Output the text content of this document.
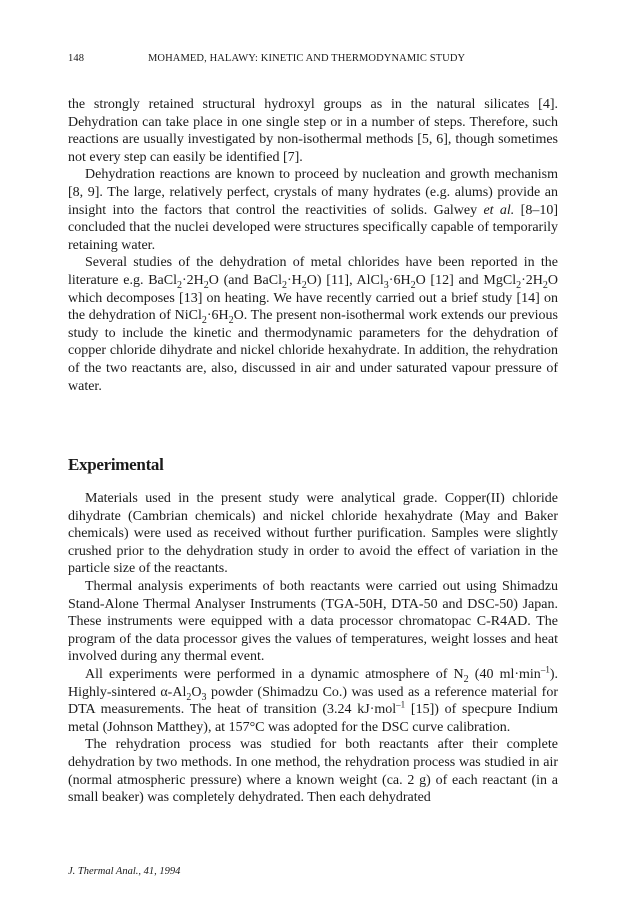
148	MOHAMED, HALAWY: KINETIC AND THERMODYNAMIC STUDY

the strongly retained structural hydroxyl groups as in the natural silicates [4]. Dehydration can take place in one single step or in a number of steps. Therefore, such reactions are usually investigated by non-isothermal methods [5, 6], though sometimes not every step can easily be identified [7].

Dehydration reactions are known to proceed by nucleation and growth mechanism [8, 9]. The large, relatively perfect, crystals of many hydrates (e.g. alums) provide an insight into the factors that control the reactivities of solids. Galwey et al. [8–10] concluded that the nuclei developed were structures specifically capable of temporarily retaining water.

Several studies of the dehydration of metal chlorides have been reported in the literature e.g. $BaCl_2\cdot 2H_2O$ (and $BaCl_2\cdot H_2O$) [11], $AlCl_3\cdot 6H_2O$ [12] and $MgCl_2\cdot 2H_2O$ which decomposes [13] on heating. We have recently carried out a brief study [14] on the dehydration of $NiCl_2\cdot 6H_2O$. The present non-isothermal work extends our previous study to include the kinetic and thermodynamic parameters for the dehydration of copper chloride dihydrate and nickel chloride hexahydrate. In addition, the rehydration of the two reactants are, also, discussed in air and under saturated vapour pressure of water.

Experimental

Materials used in the present study were analytical grade. Copper(II) chloride dihydrate (Cambrian chemicals) and nickel chloride hexahydrate (May and Baker chemicals) were used as received without further purification. Samples were slightly crushed prior to the dehydration study in order to avoid the effect of variation in the particle size of the reactants.

Thermal analysis experiments of both reactants were carried out using Shimadzu Stand-Alone Thermal Analyser Instruments (TGA-50H, DTA-50 and DSC-50) Japan. These instruments were equipped with a data processor chromatopac C-R4AD. The program of the data processor gives the values of temperatures, weight losses and heat involved during any thermal event.

All experiments were performed in a dynamic atmosphere of $N_2$ (40 $ml\cdot\min^{-1}$). Highly-sintered $\alpha-Al_2O_3$ powder (Shimadzu Co.) was used as a reference material for DTA measurements. The heat of transition (3.24 kJ·mol$^{-1}$ [15]) of specpure Indium metal (Johnson Matthey), at 157°C was adopted for the DSC curve calibration.

The rehydration process was studied for both reactants after their complete dehydration by two methods. In one method, the rehydration process was studied in air (normal atmospheric pressure) where a known weight (ca. 2 g) of each reactant (in a small beaker) was completely dehydrated. Then each dehydrated

J. Thermal Anal., 41, 1994
